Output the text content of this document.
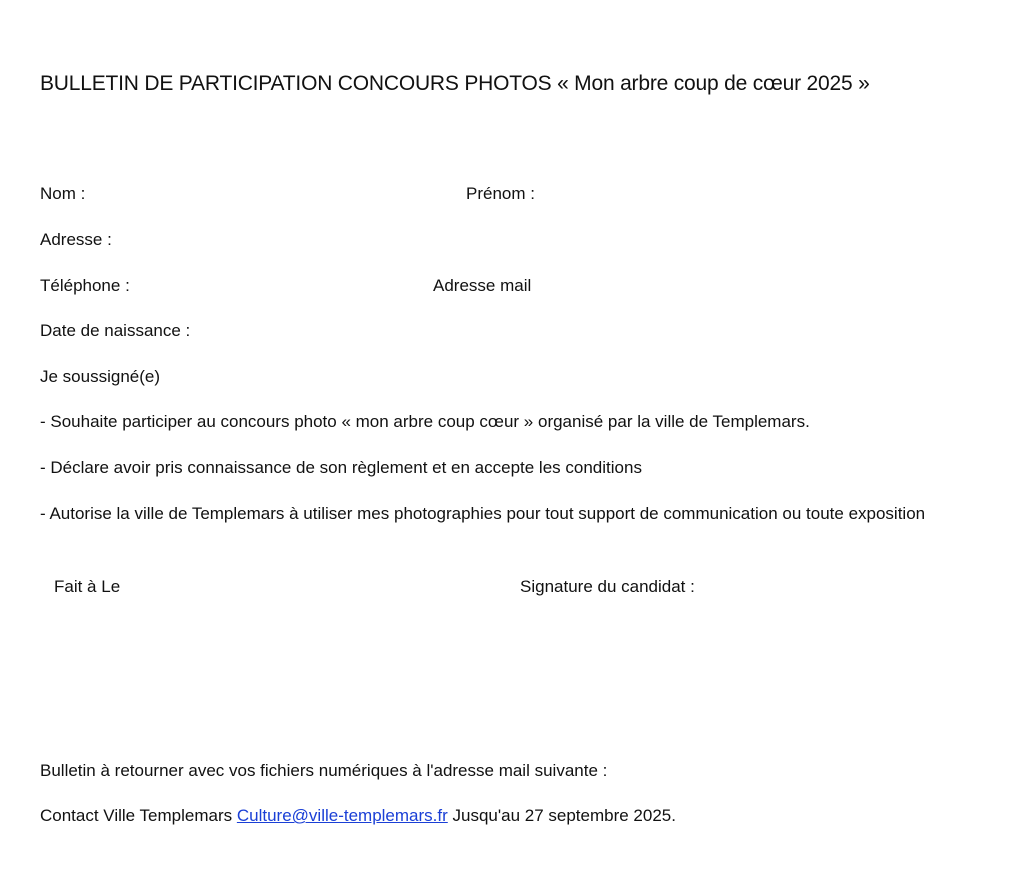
BULLETIN DE PARTICIPATION CONCOURS PHOTOS « Mon arbre coup de cœur 2025 »
Nom :	Prénom :
Adresse :
Téléphone :	Adresse mail
Date de naissance :
Je soussigné(e)
- Souhaite participer au concours photo « mon arbre coup cœur » organisé par la ville de Templemars.
- Déclare avoir pris connaissance de son règlement et en accepte les conditions
- Autorise la ville de Templemars à utiliser mes photographies pour tout support de communication ou toute exposition
Fait à Le	Signature du candidat :
Bulletin à retourner avec vos fichiers numériques à l'adresse mail suivante :
Contact Ville Templemars Culture@ville-templemars.fr Jusqu'au 27 septembre 2025.
